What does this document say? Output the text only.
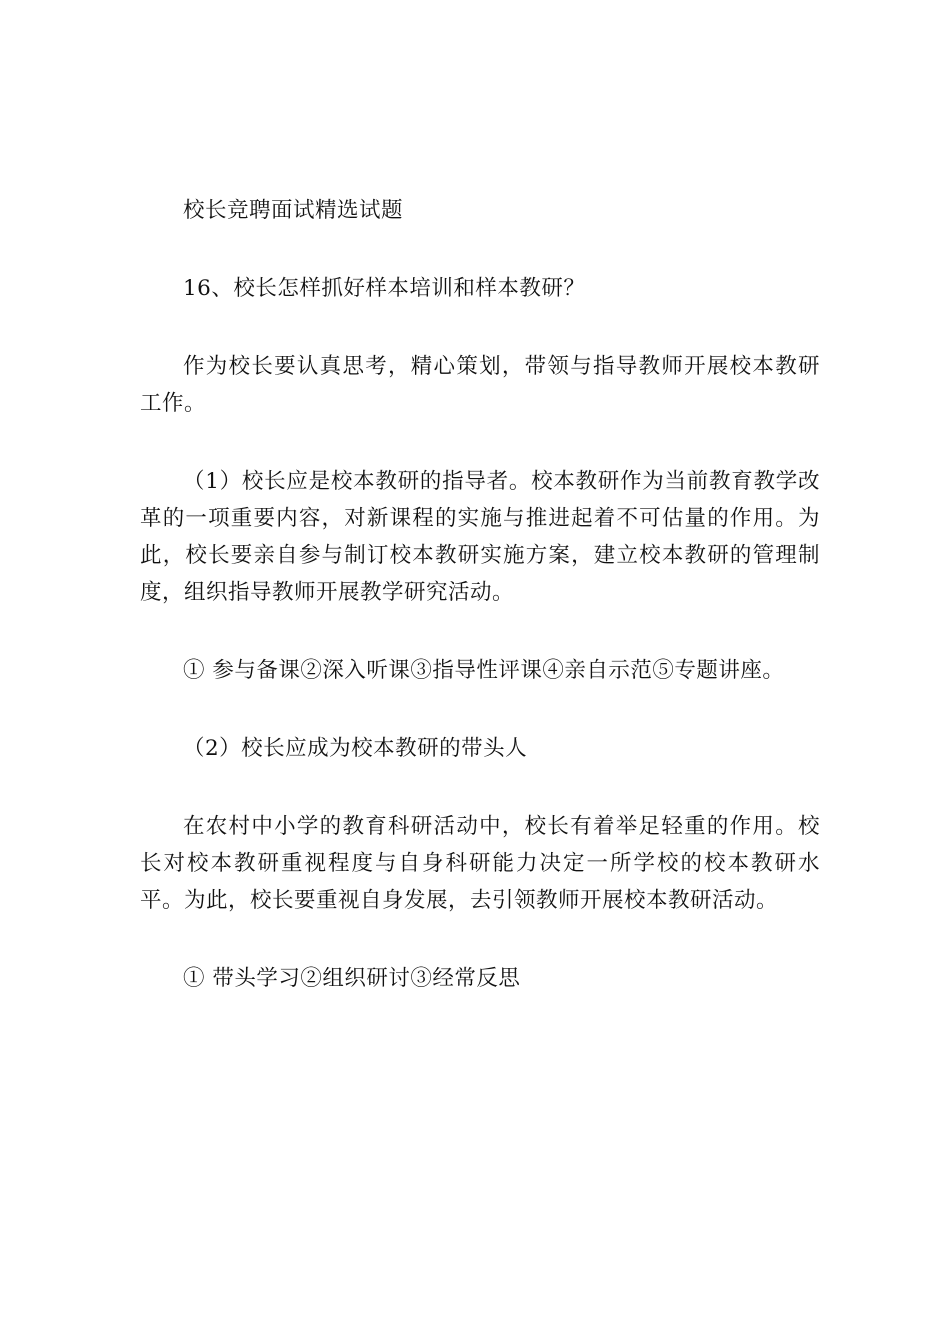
校长竞聘面试精选试题

16、校长怎样抓好样本培训和样本教研？

作为校长要认真思考，精心策划，带领与指导教师开展校本教研工作。

（1）校长应是校本教研的指导者。校本教研作为当前教育教学改革的一项重要内容，对新课程的实施与推进起着不可估量的作用。为此，校长要亲自参与制订校本教研实施方案，建立校本教研的管理制度，组织指导教师开展教学研究活动。

① 参与备课②深入听课③指导性评课④亲自示范⑤专题讲座。

（2）校长应成为校本教研的带头人

在农村中小学的教育科研活动中，校长有着举足轻重的作用。校长对校本教研重视程度与自身科研能力决定一所学校的校本教研水平。为此，校长要重视自身发展，去引领教师开展校本教研活动。

① 带头学习②组织研讨③经常反思
